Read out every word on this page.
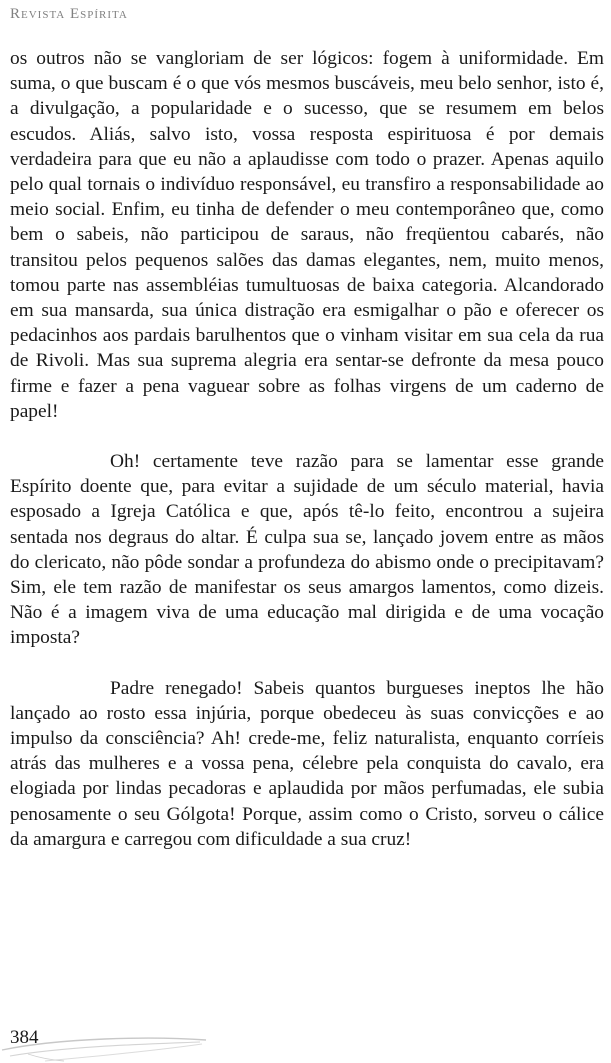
Revista Espírita

os outros não se vangloriam de ser lógicos: fogem à uniformidade. Em suma, o que buscam é o que vós mesmos buscáveis, meu belo senhor, isto é, a divulgação, a popularidade e o sucesso, que se resumem em belos escudos. Aliás, salvo isto, vossa resposta espirituosa é por demais verdadeira para que eu não a aplaudisse com todo o prazer. Apenas aquilo pelo qual tornais o indivíduo responsável, eu transfiro a responsabilidade ao meio social. Enfim, eu tinha de defender o meu contemporâneo que, como bem o sabeis, não participou de saraus, não freqüentou cabarés, não transitou pelos pequenos salões das damas elegantes, nem, muito menos, tomou parte nas assembléias tumultuosas de baixa categoria. Alcandorado em sua mansarda, sua única distração era esmigalhar o pão e oferecer os pedacinhos aos pardais barulhentos que o vinham visitar em sua cela da rua de Rivoli. Mas sua suprema alegria era sentar-se defronte da mesa pouco firme e fazer a pena vaguear sobre as folhas virgens de um caderno de papel!

Oh! certamente teve razão para se lamentar esse grande Espírito doente que, para evitar a sujidade de um século material, havia esposado a Igreja Católica e que, após tê-lo feito, encontrou a sujeira sentada nos degraus do altar. É culpa sua se, lançado jovem entre as mãos do clericato, não pôde sondar a profundeza do abismo onde o precipitavam? Sim, ele tem razão de manifestar os seus amargos lamentos, como dizeis. Não é a imagem viva de uma educação mal dirigida e de uma vocação imposta?

Padre renegado! Sabeis quantos burgueses ineptos lhe hão lançado ao rosto essa injúria, porque obedeceu às suas convicções e ao impulso da consciência? Ah! crede-me, feliz naturalista, enquanto corríeis atrás das mulheres e a vossa pena, célebre pela conquista do cavalo, era elogiada por lindas pecadoras e aplaudida por mãos perfumadas, ele subia penosamente o seu Gólgota! Porque, assim como o Cristo, sorveu o cálice da amargura e carregou com dificuldade a sua cruz!

384
